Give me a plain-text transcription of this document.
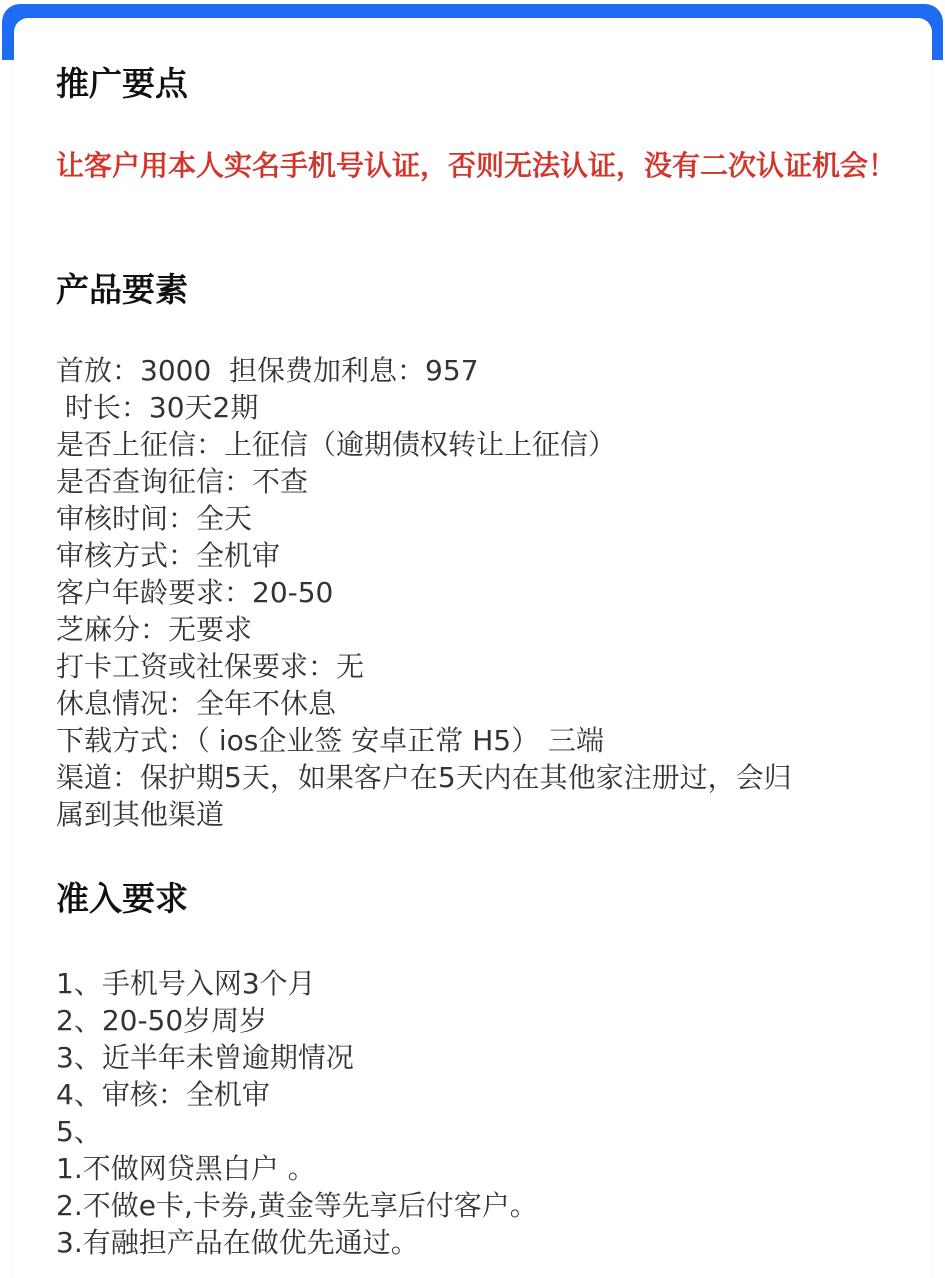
推广要点

让客户用本人实名手机号认证，否则无法认证，没有二次认证机会！

产品要素
首放：3000  担保费加利息：957
时长：30天2期
是否上征信：上征信（逾期债权转让上征信）
是否查询征信：不查
审核时间：全天
审核方式：全机审
客户年龄要求：20-50
芝麻分：无要求
打卡工资或社保要求：无
休息情况：全年不休息
下载方式：（ ios企业签 安卓正常 H5） 三端
渠道：保护期5天，如果客户在5天内在其他家注册过，会归
属到其他渠道
准入要求
1、手机号入网3个月
2、20-50岁周岁
3、近半年未曾逾期情况
4、审核：全机审
5、
1.不做网贷黑白户 。
2.不做e卡,卡券,黄金等先享后付客户。
3.有融担产品在做优先通过。
